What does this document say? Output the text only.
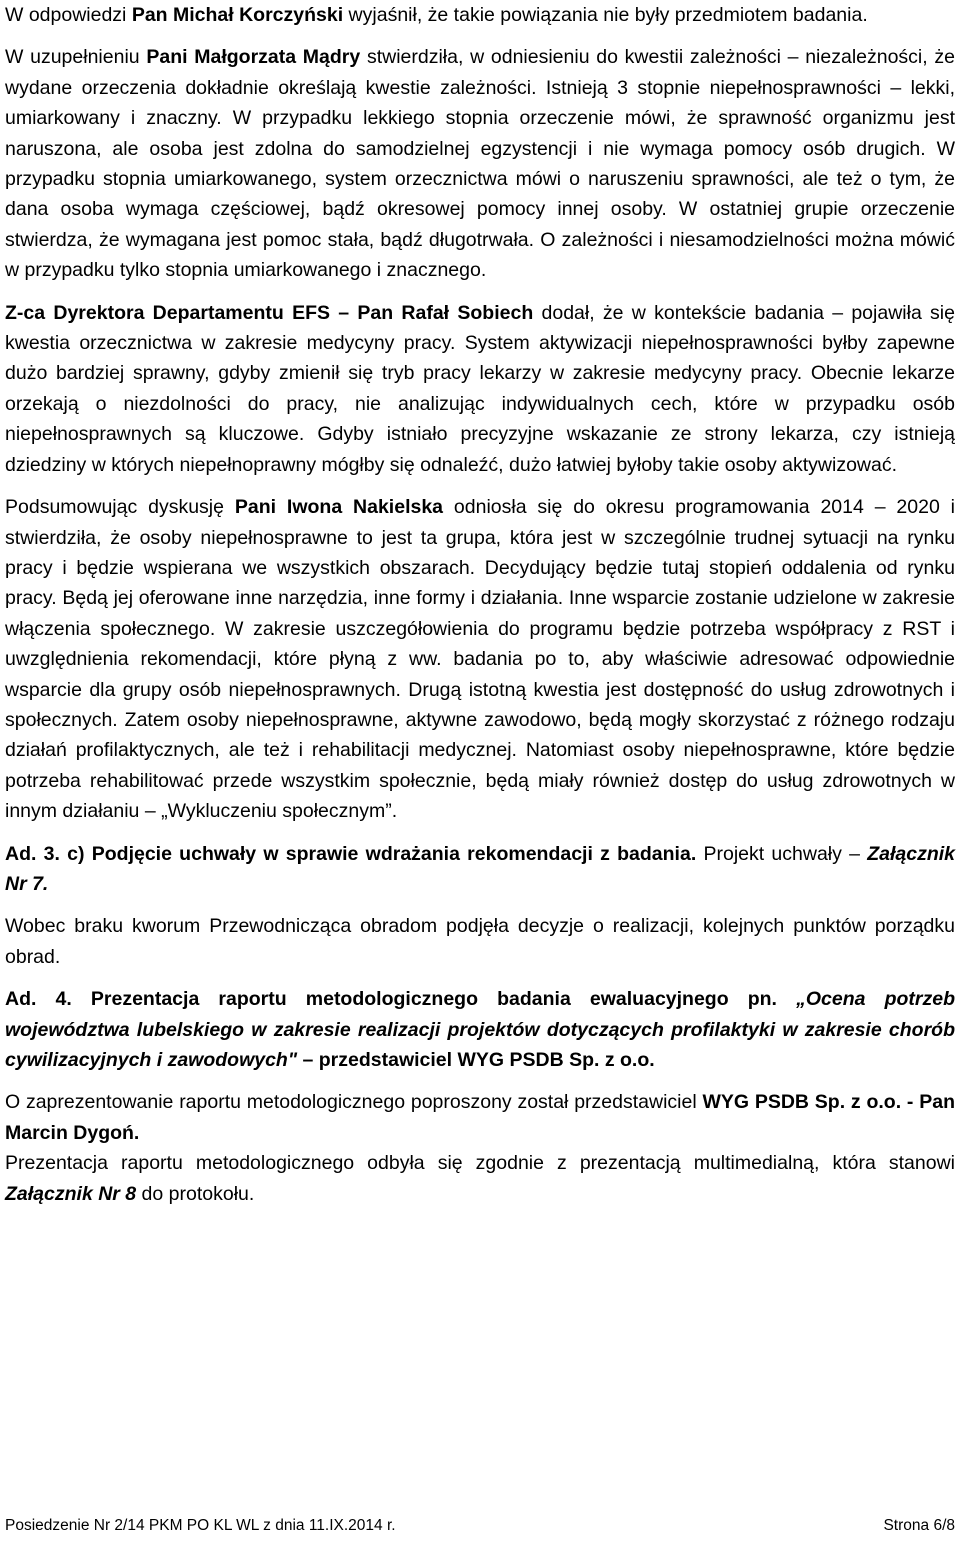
W odpowiedzi Pan Michał Korczyński wyjaśnił, że takie powiązania nie były przedmiotem badania.

W uzupełnieniu Pani Małgorzata Mądry stwierdziła, w odniesieniu do kwestii zależności – niezależności, że wydane orzeczenia dokładnie określają kwestie zależności. Istnieją 3 stopnie niepełnosprawności – lekki, umiarkowany i znaczny. W przypadku lekkiego stopnia orzeczenie mówi, że sprawność organizmu jest naruszona, ale osoba jest zdolna do samodzielnej egzystencji i nie wymaga pomocy osób drugich. W przypadku stopnia umiarkowanego, system orzecznictwa mówi o naruszeniu sprawności, ale też o tym, że dana osoba wymaga częściowej, bądź okresowej pomocy innej osoby. W ostatniej grupie orzeczenie stwierdza, że wymagana jest pomoc stała, bądź długotrwała. O zależności i niesamodzielności można mówić w przypadku tylko stopnia umiarkowanego i znacznego.

Z-ca Dyrektora Departamentu EFS – Pan Rafał Sobiech dodał, że w kontekście badania – pojawiła się kwestia orzecznictwa w zakresie medycyny pracy. System aktywizacji niepełnosprawności byłby zapewne dużo bardziej sprawny, gdyby zmienił się tryb pracy lekarzy w zakresie medycyny pracy. Obecnie lekarze orzekają o niezdolności do pracy, nie analizując indywidualnych cech, które w przypadku osób niepełnosprawnych są kluczowe. Gdyby istniało precyzyjne wskazanie ze strony lekarza, czy istnieją dziedziny w których niepełnoprawny mógłby się odnaleźć, dużo łatwiej byłoby takie osoby aktywizować.

Podsumowując dyskusję Pani Iwona Nakielska odniosła się do okresu programowania 2014 – 2020 i stwierdziła, że osoby niepełnosprawne to jest ta grupa, która jest w szczególnie trudnej sytuacji na rynku pracy i będzie wspierana we wszystkich obszarach. Decydujący będzie tutaj stopień oddalenia od rynku pracy. Będą jej oferowane inne narzędzia, inne formy i działania. Inne wsparcie zostanie udzielone w zakresie włączenia społecznego. W zakresie uszczegółowienia do programu będzie potrzeba współpracy z RST i uwzględnienia rekomendacji, które płyną z ww. badania po to, aby właściwie adresować odpowiednie wsparcie dla grupy osób niepełnosprawnych. Drugą istotną kwestia jest dostępność do usług zdrowotnych i społecznych. Zatem osoby niepełnosprawne, aktywne zawodowo, będą mogły skorzystać z różnego rodzaju działań profilaktycznych, ale też i rehabilitacji medycznej. Natomiast osoby niepełnosprawne, które będzie potrzeba rehabilitować przede wszystkim społecznie, będą miały również dostęp do usług zdrowotnych w innym działaniu – „Wykluczeniu społecznym”.

Ad. 3. c) Podjęcie uchwały w sprawie wdrażania rekomendacji z badania. Projekt uchwały – Załącznik Nr 7.

Wobec braku kworum Przewodnicząca obradom podjęła decyzje o realizacji, kolejnych punktów porządku obrad.

Ad. 4. Prezentacja raportu metodologicznego badania ewaluacyjnego pn. „Ocena potrzeb województwa lubelskiego w zakresie realizacji projektów dotyczących profilaktyki w zakresie chorób cywilizacyjnych i zawodowych" – przedstawiciel WYG PSDB Sp. z o.o.

O zaprezentowanie raportu metodologicznego poproszony został przedstawiciel WYG PSDB Sp. z o.o. - Pan Marcin Dygoń.

Prezentacja raportu metodologicznego odbyła się zgodnie z prezentacją multimedialną, która stanowi Załącznik Nr 8 do protokołu.

Posiedzenie Nr 2/14 PKM PO KL WL z dnia 11.IX.2014 r.	Strona 6/8
